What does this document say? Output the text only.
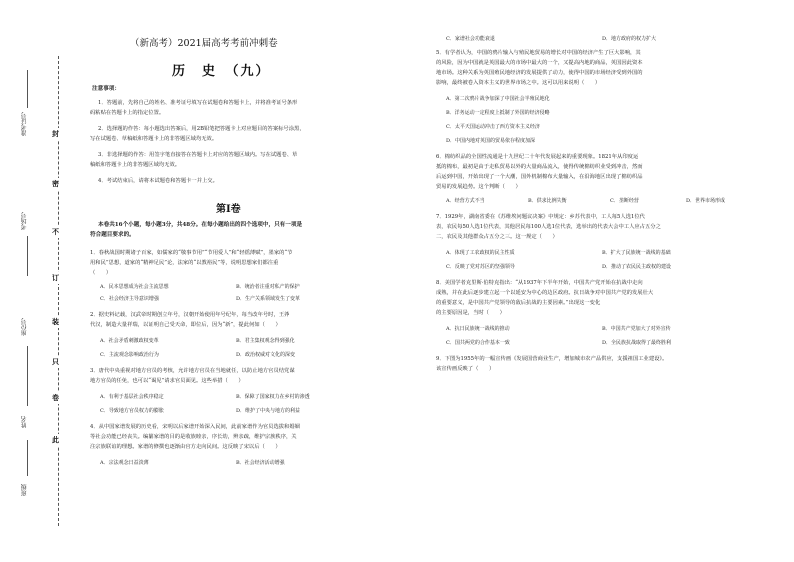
封
密
不
订
装
只
卷
此
准考证号
考场号
座位号
姓名
班级
（新高考）2021届高考考前冲刺卷
历　史　（九）
注意事项：
1．答题前，先将自己的姓名、准考证号填写在试题卷和答题卡上，并将准考证号条形
码粘贴在答题卡上的指定位置。
2．选择题的作答：每小题选出答案后，用2B铅笔把答题卡上对应题目的答案标号涂黑，
写在试题卷、草稿纸和答题卡上的非答题区域均无效。
3．非选择题的作答：用签字笔直接答在答题卡上对应的答题区域内。写在试题卷、草
稿纸和答题卡上的非答题区域均无效。
4．考试结束后，请将本试题卷和答题卡一并上交。
第Ⅰ卷
本卷共16个小题，每小题3分，共48分。在每小题给出的四个选项中，只有一项是
符合题目要求的。
1．春秋战国时期诸子百家，如儒家的“敬事节用”“节用爱人”和“轻徭薄赋”，墨家的“节
用和民”思想，道家的“精神足民”论，法家的“以教裕民”等，说明思想家们都注重
（　　）
A．民本思想成为社会主流思想	B．统治者注重对私产的保护
C．社会经济主导意识增强	D．生产关系领域发生了变革
2．据史料记载，汉武帝时期创立年号，汉朝开始使用年号纪年，每当改年号时，王莽
代汉，制造大量祥瑞，以证明自己受天命，即位后，因为“新”，提此何如（　　）
A．社会矛盾刺激政权变革	B．君主集权观念得到强化
C．主流观念影响政治行为	D．政治权威对文化的深变
3．唐代中央重视对地方官员的考核，允许地方官员在当地就任，以防止地方官员结党谋
地方官员的任免，也可以“谒见”请求官员面见。这些举措（　　）
A．有利于基层社会秩序稳定	B．保障了国家权力在乡村的渗透
C．导致地方官员权力的膨胀	D．维护了中央与地方的利益
4．从中国家谱发展的历史看，宋明以后家谱开始深入民间，此前家谱作为官员选拔和婚姻
等社会功能已经丧失。编纂家谱的目的是收族睦亲，序长幼，辨亲疏，维护宗族秩序，关
注宗族联谊的理想。家谱的修撰也逐渐由官方走向民间。这反映了宋以后（　　）
A．宗法观念日益淡薄	B．社会经济活动增强
C．家谱社会功能衰退	D．地方政府的权力扩大
5．有学者认为，中国的鸦片输入与殖民地贸易的增长对中国的经济产生了巨大影响，其
的风险，因为中国就是英国最大的市场中最大的一个，又提高内地的商品，英国因此资本
地市场。这种关系为英国殖民地经济的发展提供了动力，使得中国的市场经济受到外国的
影响，最终被卷入资本主义的世界市场之中。这可以用来说明（　　）
A．第二次鸦片战争加深了中国社会半殖民地化
B．洋务运动一定程度上抵制了外国的经济侵略
C．太平天国运动冲击了西方资本主义经济
D．中国内地对英国的贸易依存程度加深
6．棉纺织品的全国性流通是十九世纪二十年代发展起来的重要现象。1821年从印度运
抵的棉布，最初是由于走私贸易以外的大量商品流入，使得传统棉纺织业受到冲击，然而
后运到中国，开始出现了一个大潮，国外机制棉布大量输入，在沿海地区出现了棉纺织品
贸易的发展趋势。这个判断（　　）
A．经营方式不当	B．供求比例失衡	C．垄断经营	D．世界市场形成
7．1929年，湖南省委在《苏维埃问题议决案》中规定：乡苏代表中，工人每5人选1位代
表，农民每50人选1位代表，其他居民每100人选1位代表，选举出的代表大会中工人应占五分之
二，农民及其他群众占五分之三。这一规定（　　）
A．体现了工农政权的民主性质	B．扩大了民族统一战线的基础
C．反映了党对苏区的坚强领导	D．推动了农民民主政权的建设
8．美国学者克里斯·伯特克指出：“从1937年下半年开始，中国共产党开始在抗战中走向
成熟，并在此后逐步建立起一个以延安为中心的边区政府。抗日战争对中国共产党的发展壮大
的重要意义，是中国共产党领导的敌后抗战的主要因素。”出现这一变化
的主要原因是，当时（　　）
A．抗日民族统一战线的推动	B．中国共产党加大了对外宣传
C．国共两党的合作基本一致	D．全民族抗战取得了最终胜利
9．下图为1955年的一幅宣传画《发展国营商业生产，增加城市农产品供应，支援祖国工业建设》。
该宣传画反映了（　　）
